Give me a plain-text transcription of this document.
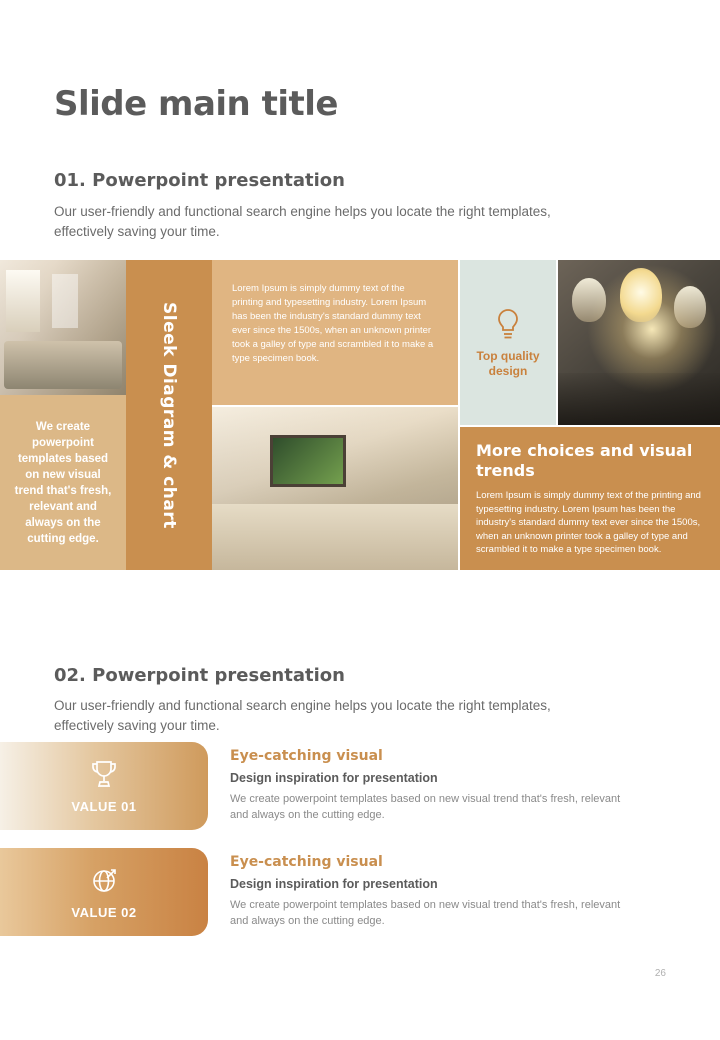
Slide main title
01. Powerpoint presentation
Our user-friendly and functional search engine helps you locate the right templates, effectively saving your time.

We create powerpoint templates based on new visual trend that's fresh, relevant and always on the cutting edge.

Sleek Diagram & chart

Lorem Ipsum is simply dummy text of the printing and typesetting industry. Lorem Ipsum has been the industry's standard dummy text ever since the 1500s, when an unknown printer took a galley of type and scrambled it to make a type specimen book.	Top quality design
More choices and visual trends

Lorem Ipsum is simply dummy text of the printing and typesetting industry. Lorem Ipsum has been the industry's standard dummy text ever since the 1500s, when an unknown printer took a galley of type and scrambled it to make a type specimen book.

02. Powerpoint presentation
Our user-friendly and functional search engine helps you locate the right templates, effectively saving your time.
VALUE 01
Eye-catching visual
Design inspiration for presentation
We create powerpoint templates based on new visual trend that's fresh, relevant and always on the cutting edge.
VALUE 02
Eye-catching visual
Design inspiration for presentation
We create powerpoint templates based on new visual trend that's fresh, relevant and always on the cutting edge.
26
